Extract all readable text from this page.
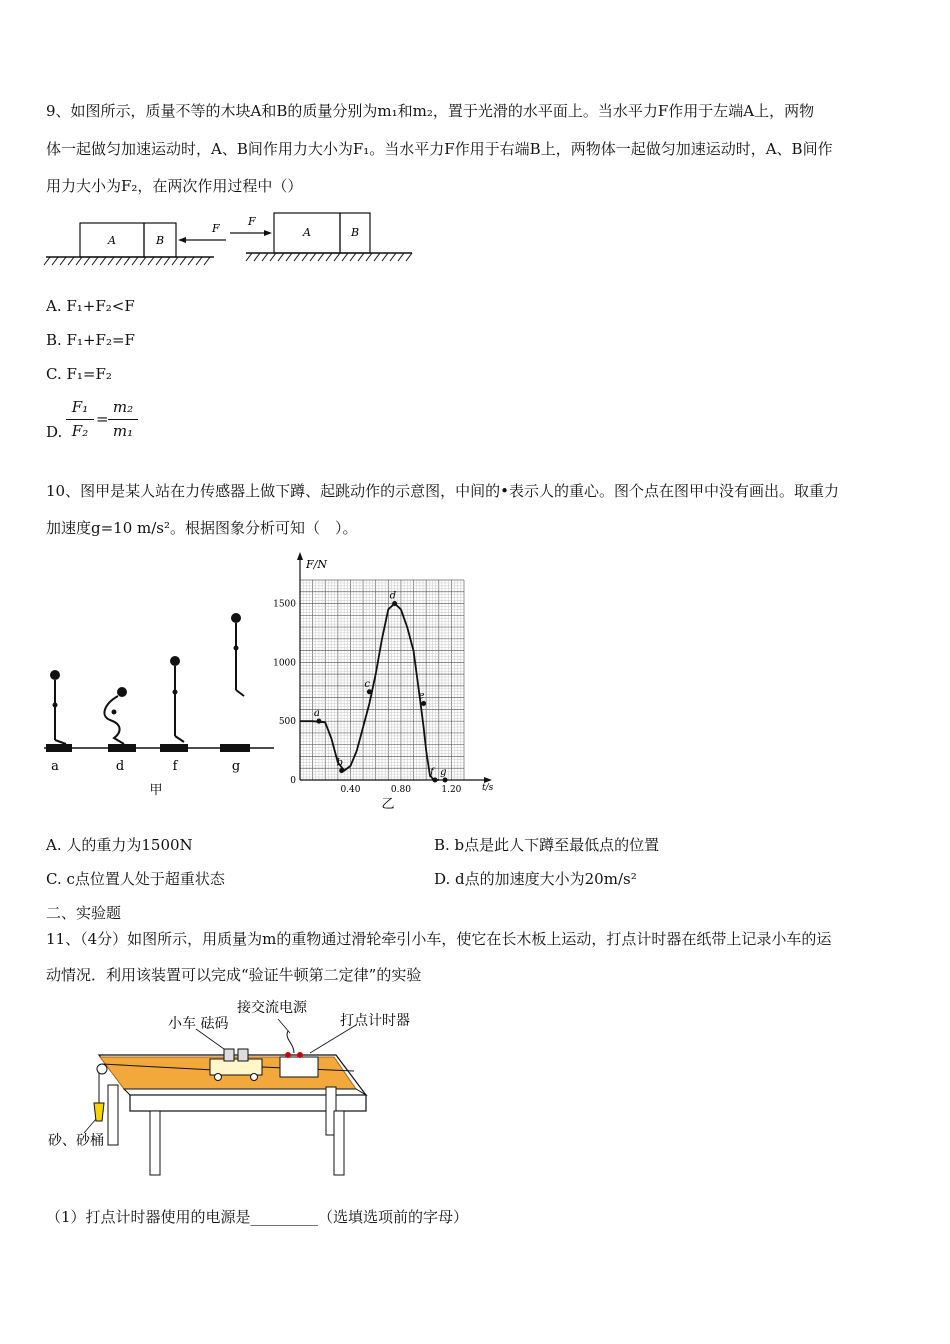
9、如图所示，质量不等的木块A和B的质量分别为m₁和m₂，置于光滑的水平面上。当水平力F作用于左端A上，两物
体一起做匀加速运动时，A、B间作用力大小为F₁。当水平力F作用于右端B上，两物体一起做匀加速运动时，A、B间作
用力大小为F₂，在两次作用过程中（）
A	B
F	A	B
F
A. F₁+F₂<F
B. F₁+F₂=F
C. F₁=F₂
D.
F₁
F₂
=
m₂
m₁
10、图甲是某人站在力传感器上做下蹲、起跳动作的示意图，中间的•表示人的重心。图个点在图甲中没有画出。取重力
加速度g=10 m/s²。根据图象分析可知（　）。
a	d	f	g
甲
0
500
1000
1500
0.40	0.80	1.20
a
b
c
d
e
f g
F/N
t/s
乙
A. 人的重力为1500N	B. b点是此人下蹲至最低点的位置
C. c点位置人处于超重状态	D. d点的加速度大小为20m/s²
二、实验题
11、（4分）如图所示，用质量为m的重物通过滑轮牵引小车，使它在长木板上运动，打点计时器在纸带上记录小车的运
动情况．利用该装置可以完成“验证牛顿第二定律”的实验
接交流电源
小车 砝码	打点计时器
砂、砂桶
（1）打点计时器使用的电源是_________（选填选项前的字母）
